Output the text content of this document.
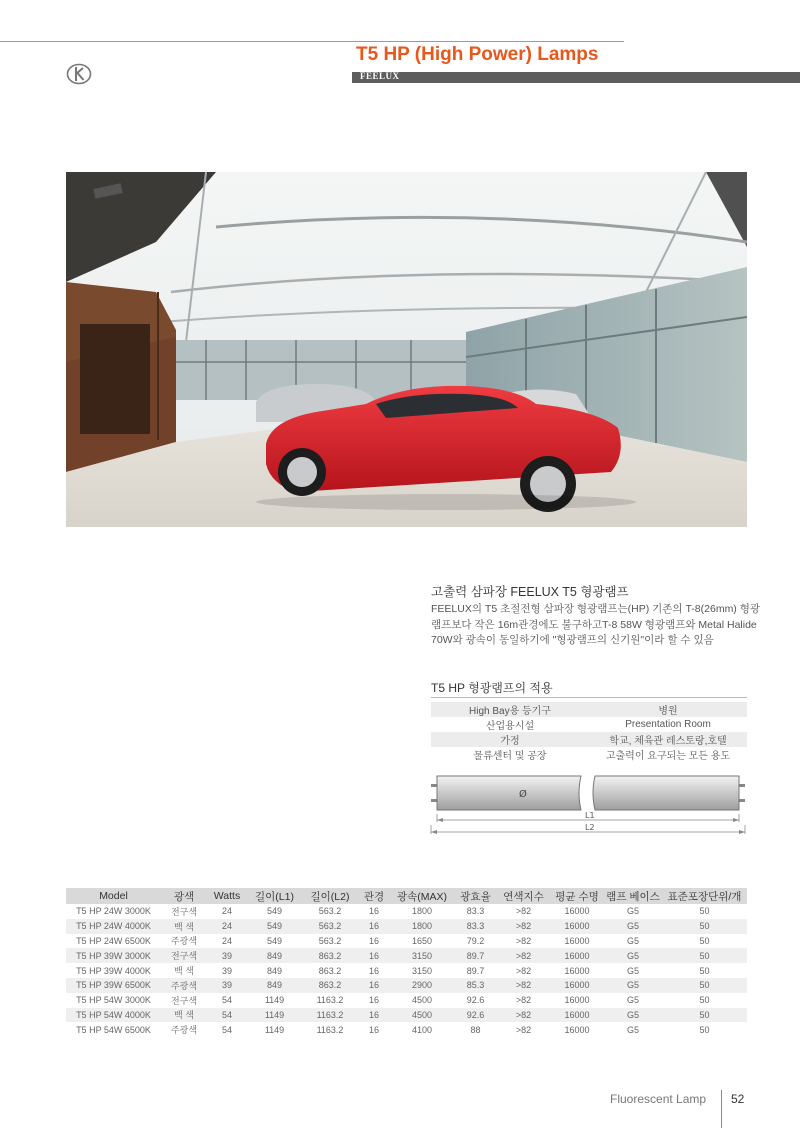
T5 HP (High Power) Lamps
FEELUX
고출력 삼파장 FEELUX T5 형광램프
FEELUX의 T5 초절전형 삼파장 형광램프는(HP) 기존의 T-8(26mm) 형광
램프보다 작은 16m관경에도 불구하고T-8 58W 형광램프와 Metal Halide
70W와 광속이 동일하기에 "형광램프의 신기원"이라 할 수 있음
T5 HP 형광램프의 적용
High Bay용 등기구	병원
산업용시설	Presentation Room
가정	학교, 체육관 레스토랑,호텔
물류센터 및 공장	고출력이 요구되는 모든 용도
Ø
L1
L2
Model	광색	Watts	길이(L1)	길이(L2)	관경	광속(MAX)	광효율	연색지수	평균 수명	램프 베이스	표준포장단위/개
T5 HP 24W 3000K	전구색	24	549	563.2	16	1800	83.3	>82	16000	G5	50
T5 HP 24W 4000K	백 색	24	549	563.2	16	1800	83.3	>82	16000	G5	50
T5 HP 24W 6500K	주광색	24	549	563.2	16	1650	79.2	>82	16000	G5	50
T5 HP 39W 3000K	전구색	39	849	863.2	16	3150	89.7	>82	16000	G5	50
T5 HP 39W 4000K	백 색	39	849	863.2	16	3150	89.7	>82	16000	G5	50
T5 HP 39W 6500K	주광색	39	849	863.2	16	2900	85.3	>82	16000	G5	50
T5 HP 54W 3000K	전구색	54	1149	1163.2	16	4500	92.6	>82	16000	G5	50
T5 HP 54W 4000K	백 색	54	1149	1163.2	16	4500	92.6	>82	16000	G5	50
T5 HP 54W 6500K	주광색	54	1149	1163.2	16	4100	88	>82	16000	G5	50
Fluorescent Lamp 52
